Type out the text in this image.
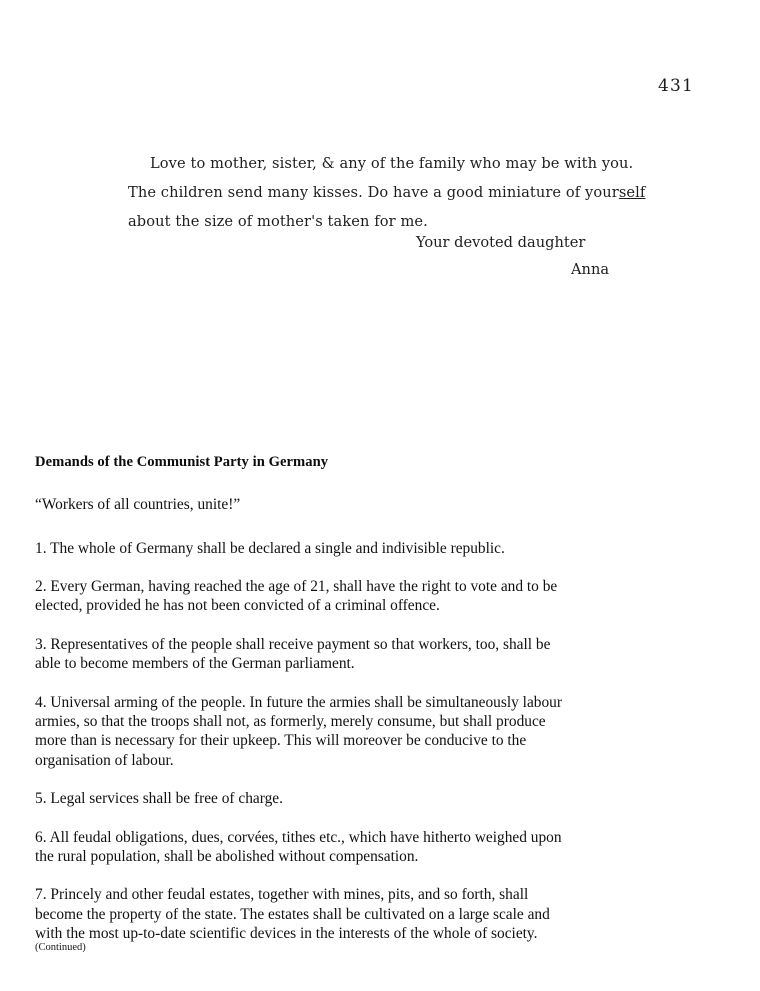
431

Love to mother, sister, & any of the family who may be with you. The children send many kisses. Do have a good miniature of yourself about the size of mother's taken for me.

Your devoted daughter
Anna
Demands of the Communist Party in Germany

“Workers of all countries, unite!”

1. The whole of Germany shall be declared a single and indivisible republic.

2. Every German, having reached the age of 21, shall have the right to vote and to be elected, provided he has not been convicted of a criminal offence.

3. Representatives of the people shall receive payment so that workers, too, shall be able to become members of the German parliament.

4. Universal arming of the people. In future the armies shall be simultaneously labour armies, so that the troops shall not, as formerly, merely consume, but shall produce more than is necessary for their upkeep. This will moreover be conducive to the organisation of labour.

5. Legal services shall be free of charge.

6. All feudal obligations, dues, corvées, tithes etc., which have hitherto weighed upon the rural population, shall be abolished without compensation.

7. Princely and other feudal estates, together with mines, pits, and so forth, shall become the property of the state. The estates shall be cultivated on a large scale and with the most up-to-date scientific devices in the interests of the whole of society.

(Continued)
